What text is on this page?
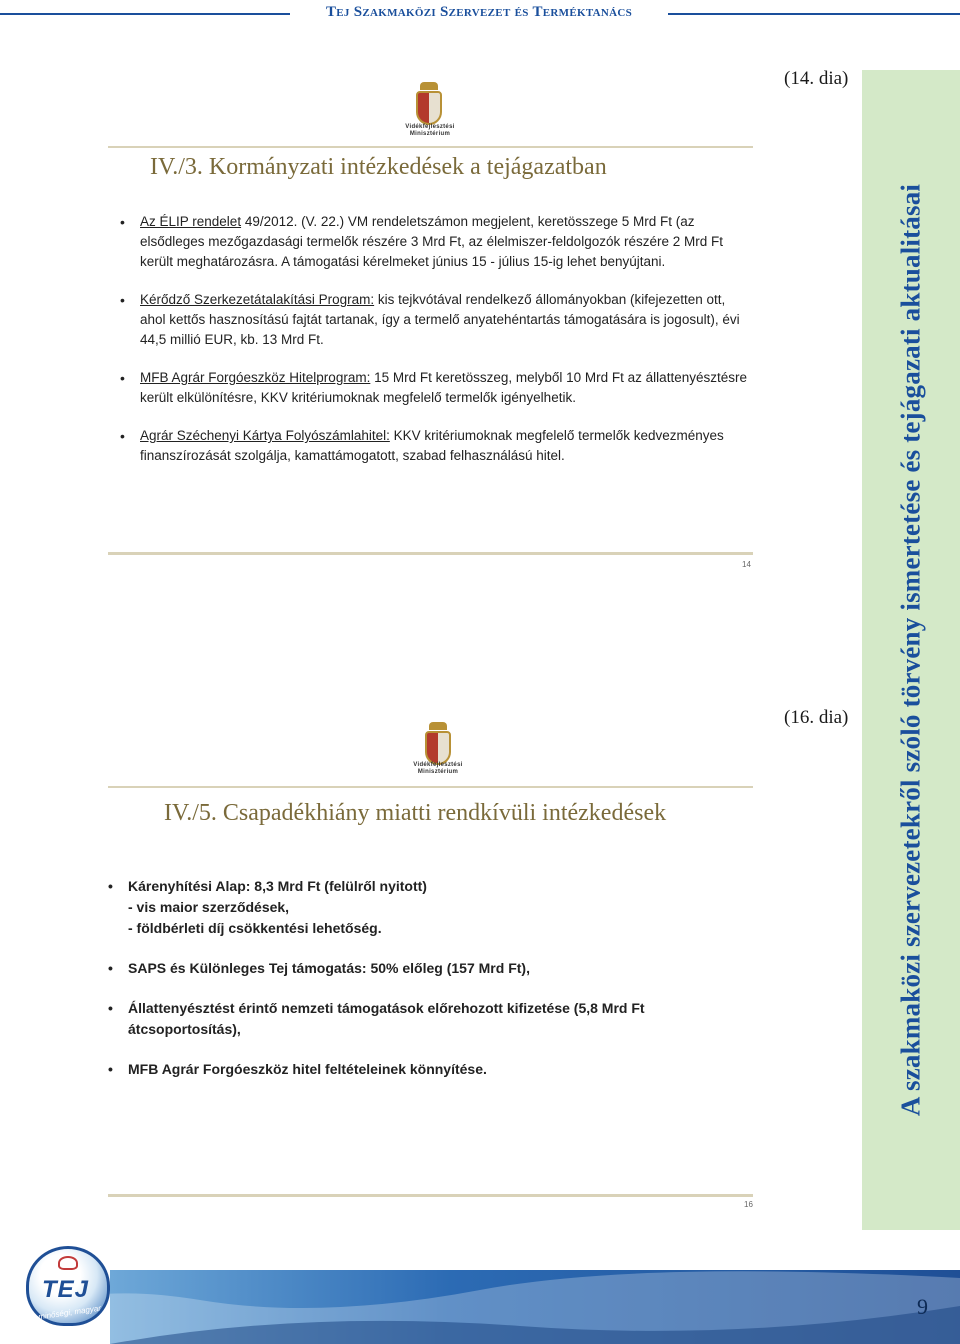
Tej Szakmaközi Szervezet és Terméktanács
Vidékfejlesztési Minisztérium
IV./3. Kormányzati intézkedések a tejágazatban
• Az ÉLIP rendelet 49/2012. (V. 22.) VM rendeletszámon megjelent, keretösszege 5 Mrd Ft (az elsődleges mezőgazdasági termelők részére 3 Mrd Ft, az élelmiszer-feldolgozók részére 2 Mrd Ft került meghatározásra. A támogatási kérelmeket június 15 - július 15-ig lehet benyújtani.
• Kérődző Szerkezetátalakítási Program: kis tejkvótával rendelkező állományokban (kifejezetten ott, ahol kettős hasznosítású fajtát tartanak, így a termelő anyatehéntartás támogatására is jogosult), évi 44,5 millió EUR, kb. 13 Mrd Ft.
• MFB Agrár Forgóeszköz Hitelprogram: 15 Mrd Ft keretösszeg, melyből 10 Mrd Ft az állattenyésztésre került elkülönítésre, KKV kritériumoknak megfelelő termelők igényelhetik.
• Agrár Széchenyi Kártya Folyószámlahitel: KKV kritériumoknak megfelelő termelők kedvezményes finanszírozását szolgálja, kamattámogatott, szabad felhasználású hitel.
14
(14. dia)
(16. dia)
Vidékfejlesztési Minisztérium
IV./5. Csapadékhiány miatti rendkívüli intézkedések
• Kárenyhítési Alap: 8,3 Mrd Ft (felülről nyitott)
- vis maior szerződések,
- földbérleti díj csökkentési lehetőség.
• SAPS és Különleges Tej támogatás: 50% előleg (157 Mrd Ft),
• Állattenyésztést érintő nemzeti támogatások előrehozott kifizetése (5,8 Mrd Ft átcsoportosítás),
• MFB Agrár Forgóeszköz hitel feltételeinek könnyítése.
16
A szakmaközi szervezetekről szóló törvény ismertetése és tejágazati aktualitásai
9
TEJ
minőségi, magyar
